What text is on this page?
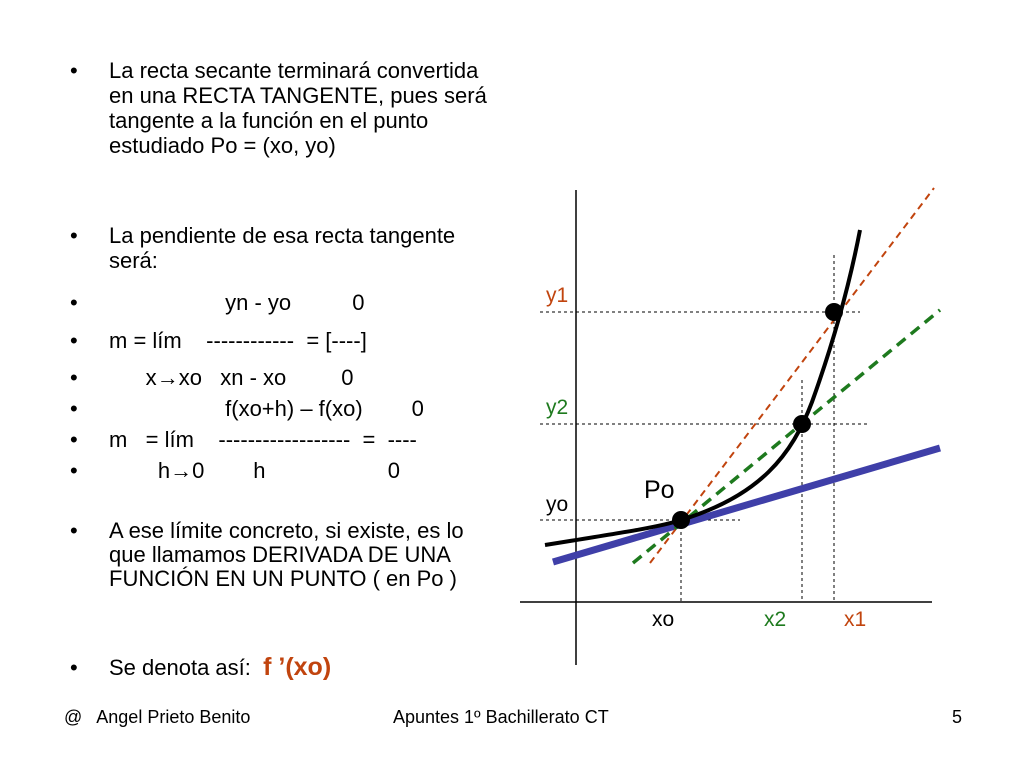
• La recta secante terminará convertida en una RECTA TANGENTE, pues será tangente a la función en el punto estudiado Po = (xo, yo)
• La pendiente de esa recta tangente será:
• yn - yo          0
• m = lím    ------------  = [----]
• x→xo   xn - xo         0
• f(xo+h) – f(xo)        0
• m   = lím    ------------------  =  ----
• h→0        h                    0
• A ese límite concreto, si existe, es lo que llamamos DERIVADA DE UNA FUNCIÓN EN UN PUNTO ( en Po )
• Se denota así:  f ’(xo)
y1
y2
yo
Po
xo	x2	x1
@   Angel Prieto Benito	Apuntes 1º Bachillerato CT	5
